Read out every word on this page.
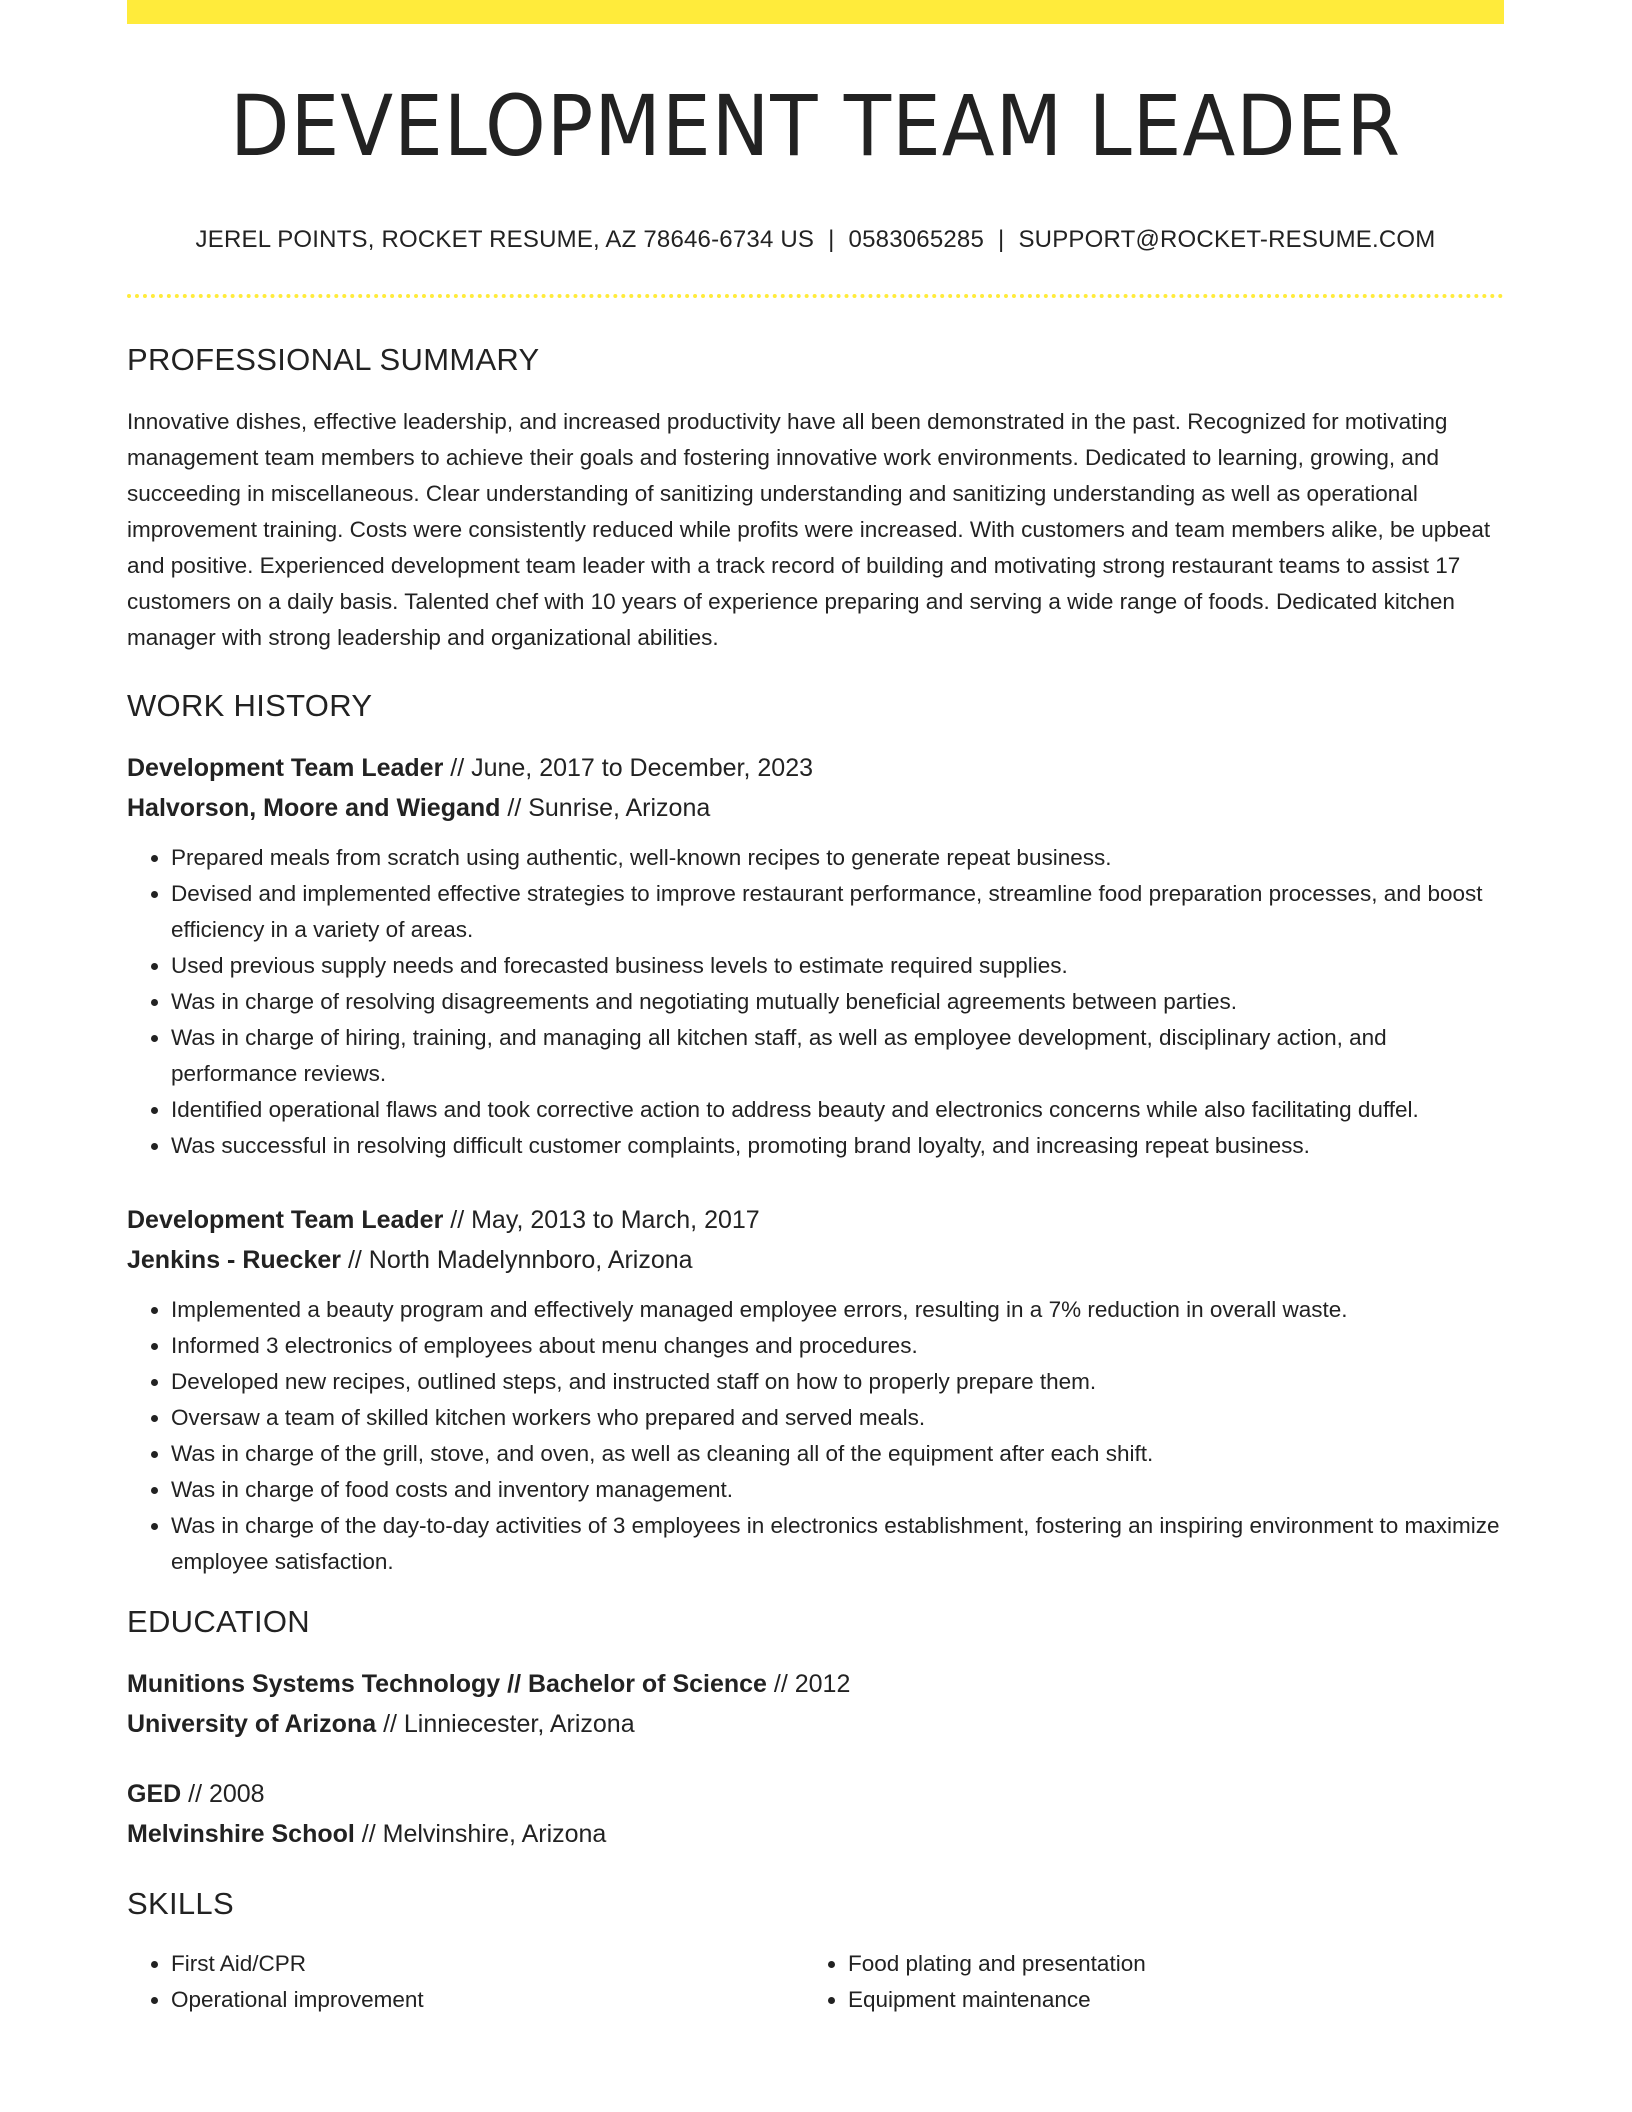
DEVELOPMENT TEAM LEADER
JEREL POINTS, ROCKET RESUME, AZ 78646-6734 US | 0583065285 | SUPPORT@ROCKET-RESUME.COM
PROFESSIONAL SUMMARY

Innovative dishes, effective leadership, and increased productivity have all been demonstrated in the past. Recognized for motivating management team members to achieve their goals and fostering innovative work environments. Dedicated to learning, growing, and succeeding in miscellaneous. Clear understanding of sanitizing understanding and sanitizing understanding as well as operational improvement training. Costs were consistently reduced while profits were increased. With customers and team members alike, be upbeat and positive. Experienced development team leader with a track record of building and motivating strong restaurant teams to assist 17 customers on a daily basis. Talented chef with 10 years of experience preparing and serving a wide range of foods. Dedicated kitchen manager with strong leadership and organizational abilities.

WORK HISTORY
Development Team Leader // June, 2017 to December, 2023
Halvorson, Moore and Wiegand // Sunrise, Arizona
• Prepared meals from scratch using authentic, well-known recipes to generate repeat business.
• Devised and implemented effective strategies to improve restaurant performance, streamline food preparation processes, and boost efficiency in a variety of areas.
• Used previous supply needs and forecasted business levels to estimate required supplies.
• Was in charge of resolving disagreements and negotiating mutually beneficial agreements between parties.
• Was in charge of hiring, training, and managing all kitchen staff, as well as employee development, disciplinary action, and performance reviews.
• Identified operational flaws and took corrective action to address beauty and electronics concerns while also facilitating duffel.
• Was successful in resolving difficult customer complaints, promoting brand loyalty, and increasing repeat business.
Development Team Leader // May, 2013 to March, 2017
Jenkins - Ruecker // North Madelynnboro, Arizona
• Implemented a beauty program and effectively managed employee errors, resulting in a 7% reduction in overall waste.
• Informed 3 electronics of employees about menu changes and procedures.
• Developed new recipes, outlined steps, and instructed staff on how to properly prepare them.
• Oversaw a team of skilled kitchen workers who prepared and served meals.
• Was in charge of the grill, stove, and oven, as well as cleaning all of the equipment after each shift.
• Was in charge of food costs and inventory management.
• Was in charge of the day-to-day activities of 3 employees in electronics establishment, fostering an inspiring environment to maximize employee satisfaction.
EDUCATION
Munitions Systems Technology // Bachelor of Science // 2012
University of Arizona // Linniecester, Arizona
GED // 2008
Melvinshire School // Melvinshire, Arizona
SKILLS
• First Aid/CPR
• Operational improvement
• Food plating and presentation
• Equipment maintenance
